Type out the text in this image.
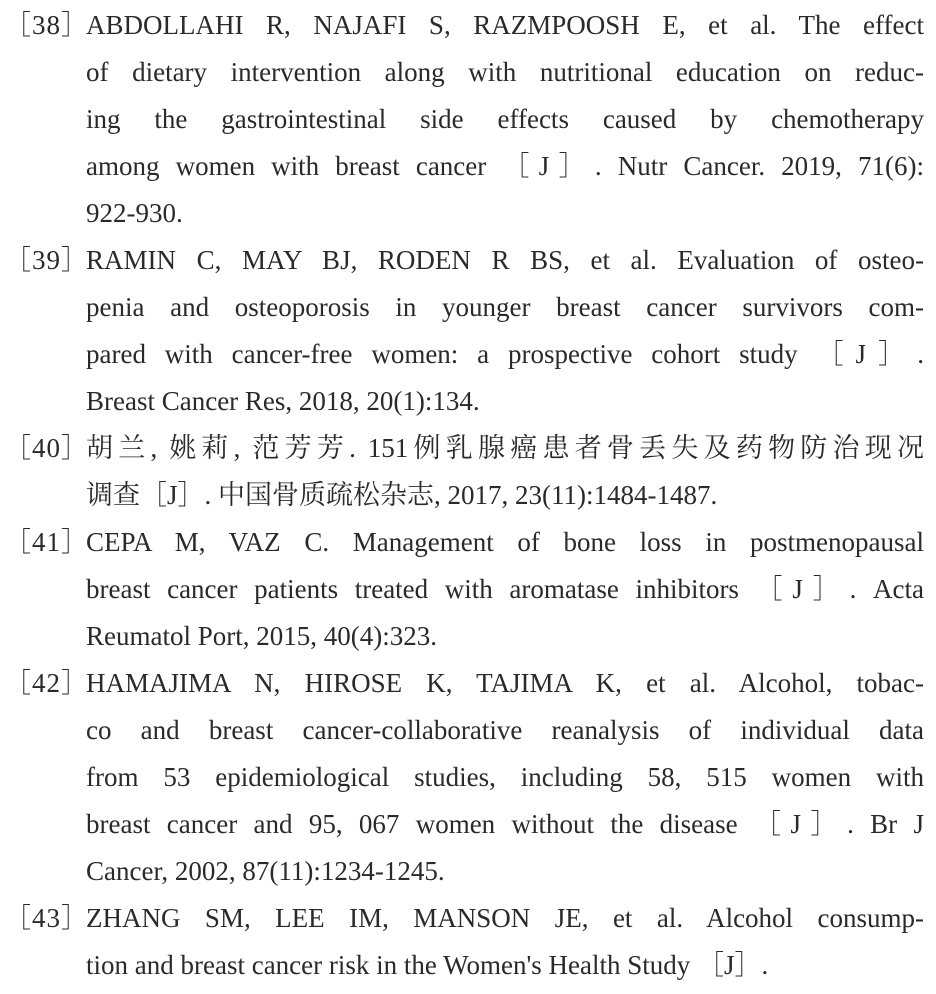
［38］
ABDOLLAHI R, NAJAFI S, RAZMPOOSH E, et al. The effect
of dietary intervention along with nutritional education on reduc-
ing the gastrointestinal side effects caused by chemotherapy
among women with breast cancer ［J］. Nutr Cancer. 2019, 71(6):
922-930.
［39］
RAMIN C, MAY BJ, RODEN R BS, et al. Evaluation of osteo-
penia and osteoporosis in younger breast cancer survivors com-
pared with cancer-free women: a prospective cohort study ［J］.
Breast Cancer Res, 2018, 20(1):134.
［40］
胡兰, 姚莉, 范芳芳. 151例乳腺癌患者骨丢失及药物防治现况
调查［J］. 中国骨质疏松杂志, 2017, 23(11):1484-1487.
［41］
CEPA M, VAZ C. Management of bone loss in postmenopausal
breast cancer patients treated with aromatase inhibitors ［J］. Acta
Reumatol Port, 2015, 40(4):323.
［42］
HAMAJIMA N, HIROSE K, TAJIMA K, et al. Alcohol, tobac-
co and breast cancer-collaborative reanalysis of individual data
from 53 epidemiological studies, including 58, 515 women with
breast cancer and 95, 067 women without the disease ［J］. Br J
Cancer, 2002, 87(11):1234-1245.
［43］
ZHANG SM, LEE IM, MANSON JE, et al. Alcohol consump-
tion and breast cancer risk in the Women's Health Study ［J］.
